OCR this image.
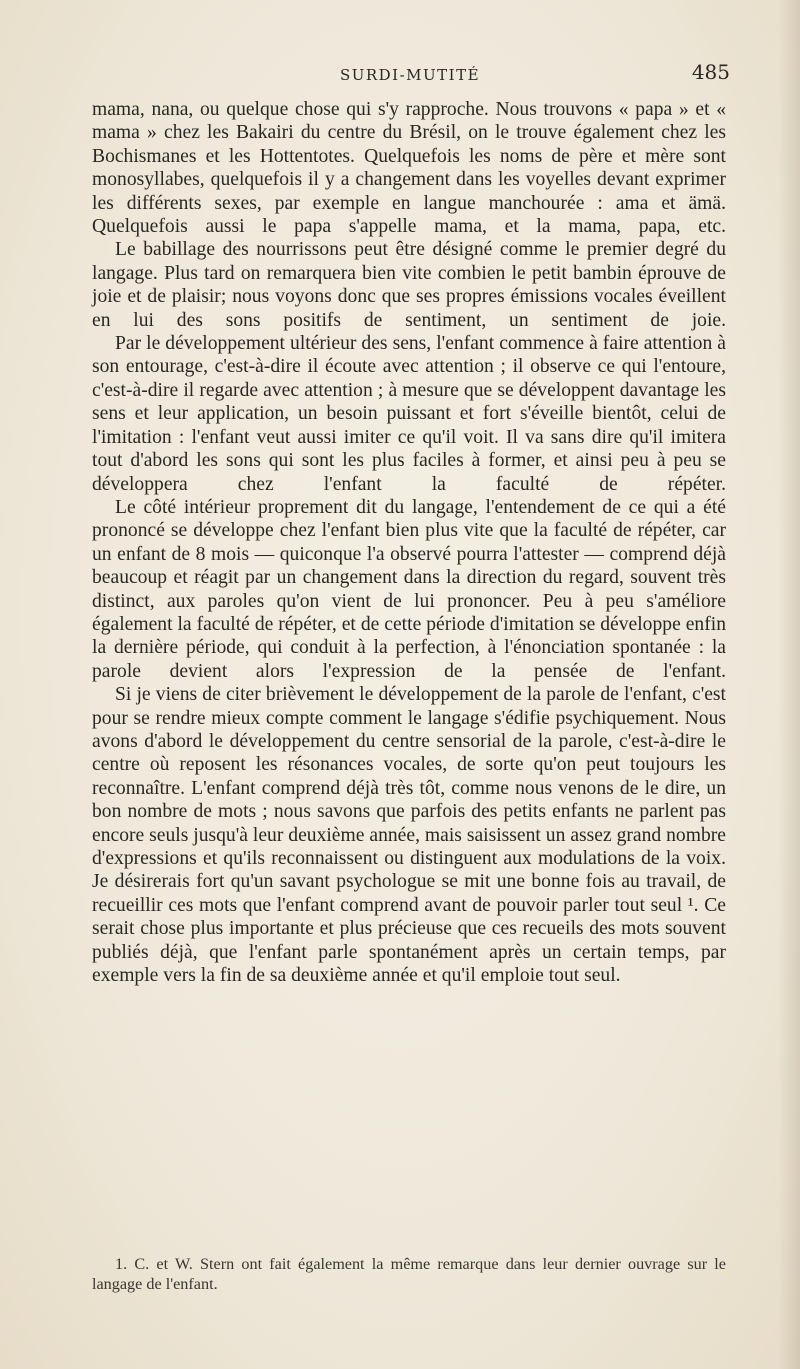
SURDI-MUTITÉ	485

mama, nana, ou quelque chose qui s'y rapproche. Nous trouvons « papa » et « mama » chez les Bakairi du centre du Brésil, on le trouve également chez les Bochismanes et les Hottentotes. Quelquefois les noms de père et mère sont monosyllabes, quelquefois il y a changement dans les voyelles devant exprimer les différents sexes, par exemple en langue manchourée : ama et ämä. Quelquefois aussi le papa s'appelle mama, et la mama, papa, etc.

Le babillage des nourrissons peut être désigné comme le premier degré du langage. Plus tard on remarquera bien vite combien le petit bambin éprouve de joie et de plaisir; nous voyons donc que ses propres émissions vocales éveillent en lui des sons positifs de sentiment, un sentiment de joie.

Par le développement ultérieur des sens, l'enfant commence à faire attention à son entourage, c'est-à-dire il écoute avec attention ; il observe ce qui l'entoure, c'est-à-dire il regarde avec attention ; à mesure que se développent davantage les sens et leur application, un besoin puissant et fort s'éveille bientôt, celui de l'imitation : l'enfant veut aussi imiter ce qu'il voit. Il va sans dire qu'il imitera tout d'abord les sons qui sont les plus faciles à former, et ainsi peu à peu se développera chez l'enfant la faculté de répéter.

Le côté intérieur proprement dit du langage, l'entendement de ce qui a été prononcé se développe chez l'enfant bien plus vite que la faculté de répéter, car un enfant de 8 mois — quiconque l'a observé pourra l'attester — comprend déjà beaucoup et réagit par un changement dans la direction du regard, souvent très distinct, aux paroles qu'on vient de lui prononcer. Peu à peu s'améliore également la faculté de répéter, et de cette période d'imitation se développe enfin la dernière période, qui conduit à la perfection, à l'énonciation spontanée : la parole devient alors l'expression de la pensée de l'enfant.

Si je viens de citer brièvement le développement de la parole de l'enfant, c'est pour se rendre mieux compte comment le langage s'édifie psychiquement. Nous avons d'abord le développement du centre sensorial de la parole, c'est-à-dire le centre où reposent les résonances vocales, de sorte qu'on peut toujours les reconnaître. L'enfant comprend déjà très tôt, comme nous venons de le dire, un bon nombre de mots ; nous savons que parfois des petits enfants ne parlent pas encore seuls jusqu'à leur deuxième année, mais saisissent un assez grand nombre d'expressions et qu'ils reconnaissent ou distinguent aux modulations de la voix. Je désirerais fort qu'un savant psychologue se mit une bonne fois au travail, de recueillir ces mots que l'enfant comprend avant de pouvoir parler tout seul ¹. Ce serait chose plus importante et plus précieuse que ces recueils des mots souvent publiés déjà, que l'enfant parle spontanément après un certain temps, par exemple vers la fin de sa deuxième année et qu'il emploie tout seul.

1. C. et W. Stern ont fait également la même remarque dans leur dernier ouvrage sur le langage de l'enfant.
